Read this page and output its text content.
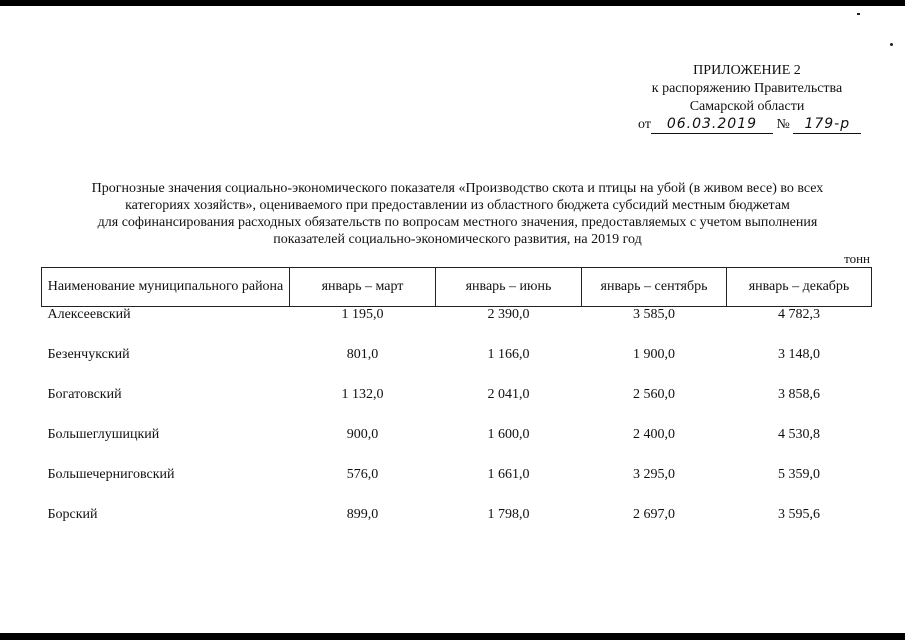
ПРИЛОЖЕНИЕ 2
к распоряжению Правительства
Самарской области
от 06.03.2019 № 179-р
Прогнозные значения социально-экономического показателя «Производство скота и птицы на убой (в живом весе) во всех
категориях хозяйств», оцениваемого при предоставлении из областного бюджета субсидий местным бюджетам
для софинансирования расходных обязательств по вопросам местного значения, предоставляемых с учетом выполнения
показателей социально-экономического развития, на 2019 год
тонн
Наименование муниципального района	январь – март	январь – июнь	январь – сентябрь	январь – декабрь
Алексеевский	1 195,0	2 390,0	3 585,0	4 782,3
Безенчукский	801,0	1 166,0	1 900,0	3 148,0
Богатовский	1 132,0	2 041,0	2 560,0	3 858,6
Большеглушицкий	900,0	1 600,0	2 400,0	4 530,8
Большечерниговский	576,0	1 661,0	3 295,0	5 359,0
Борский	899,0	1 798,0	2 697,0	3 595,6
